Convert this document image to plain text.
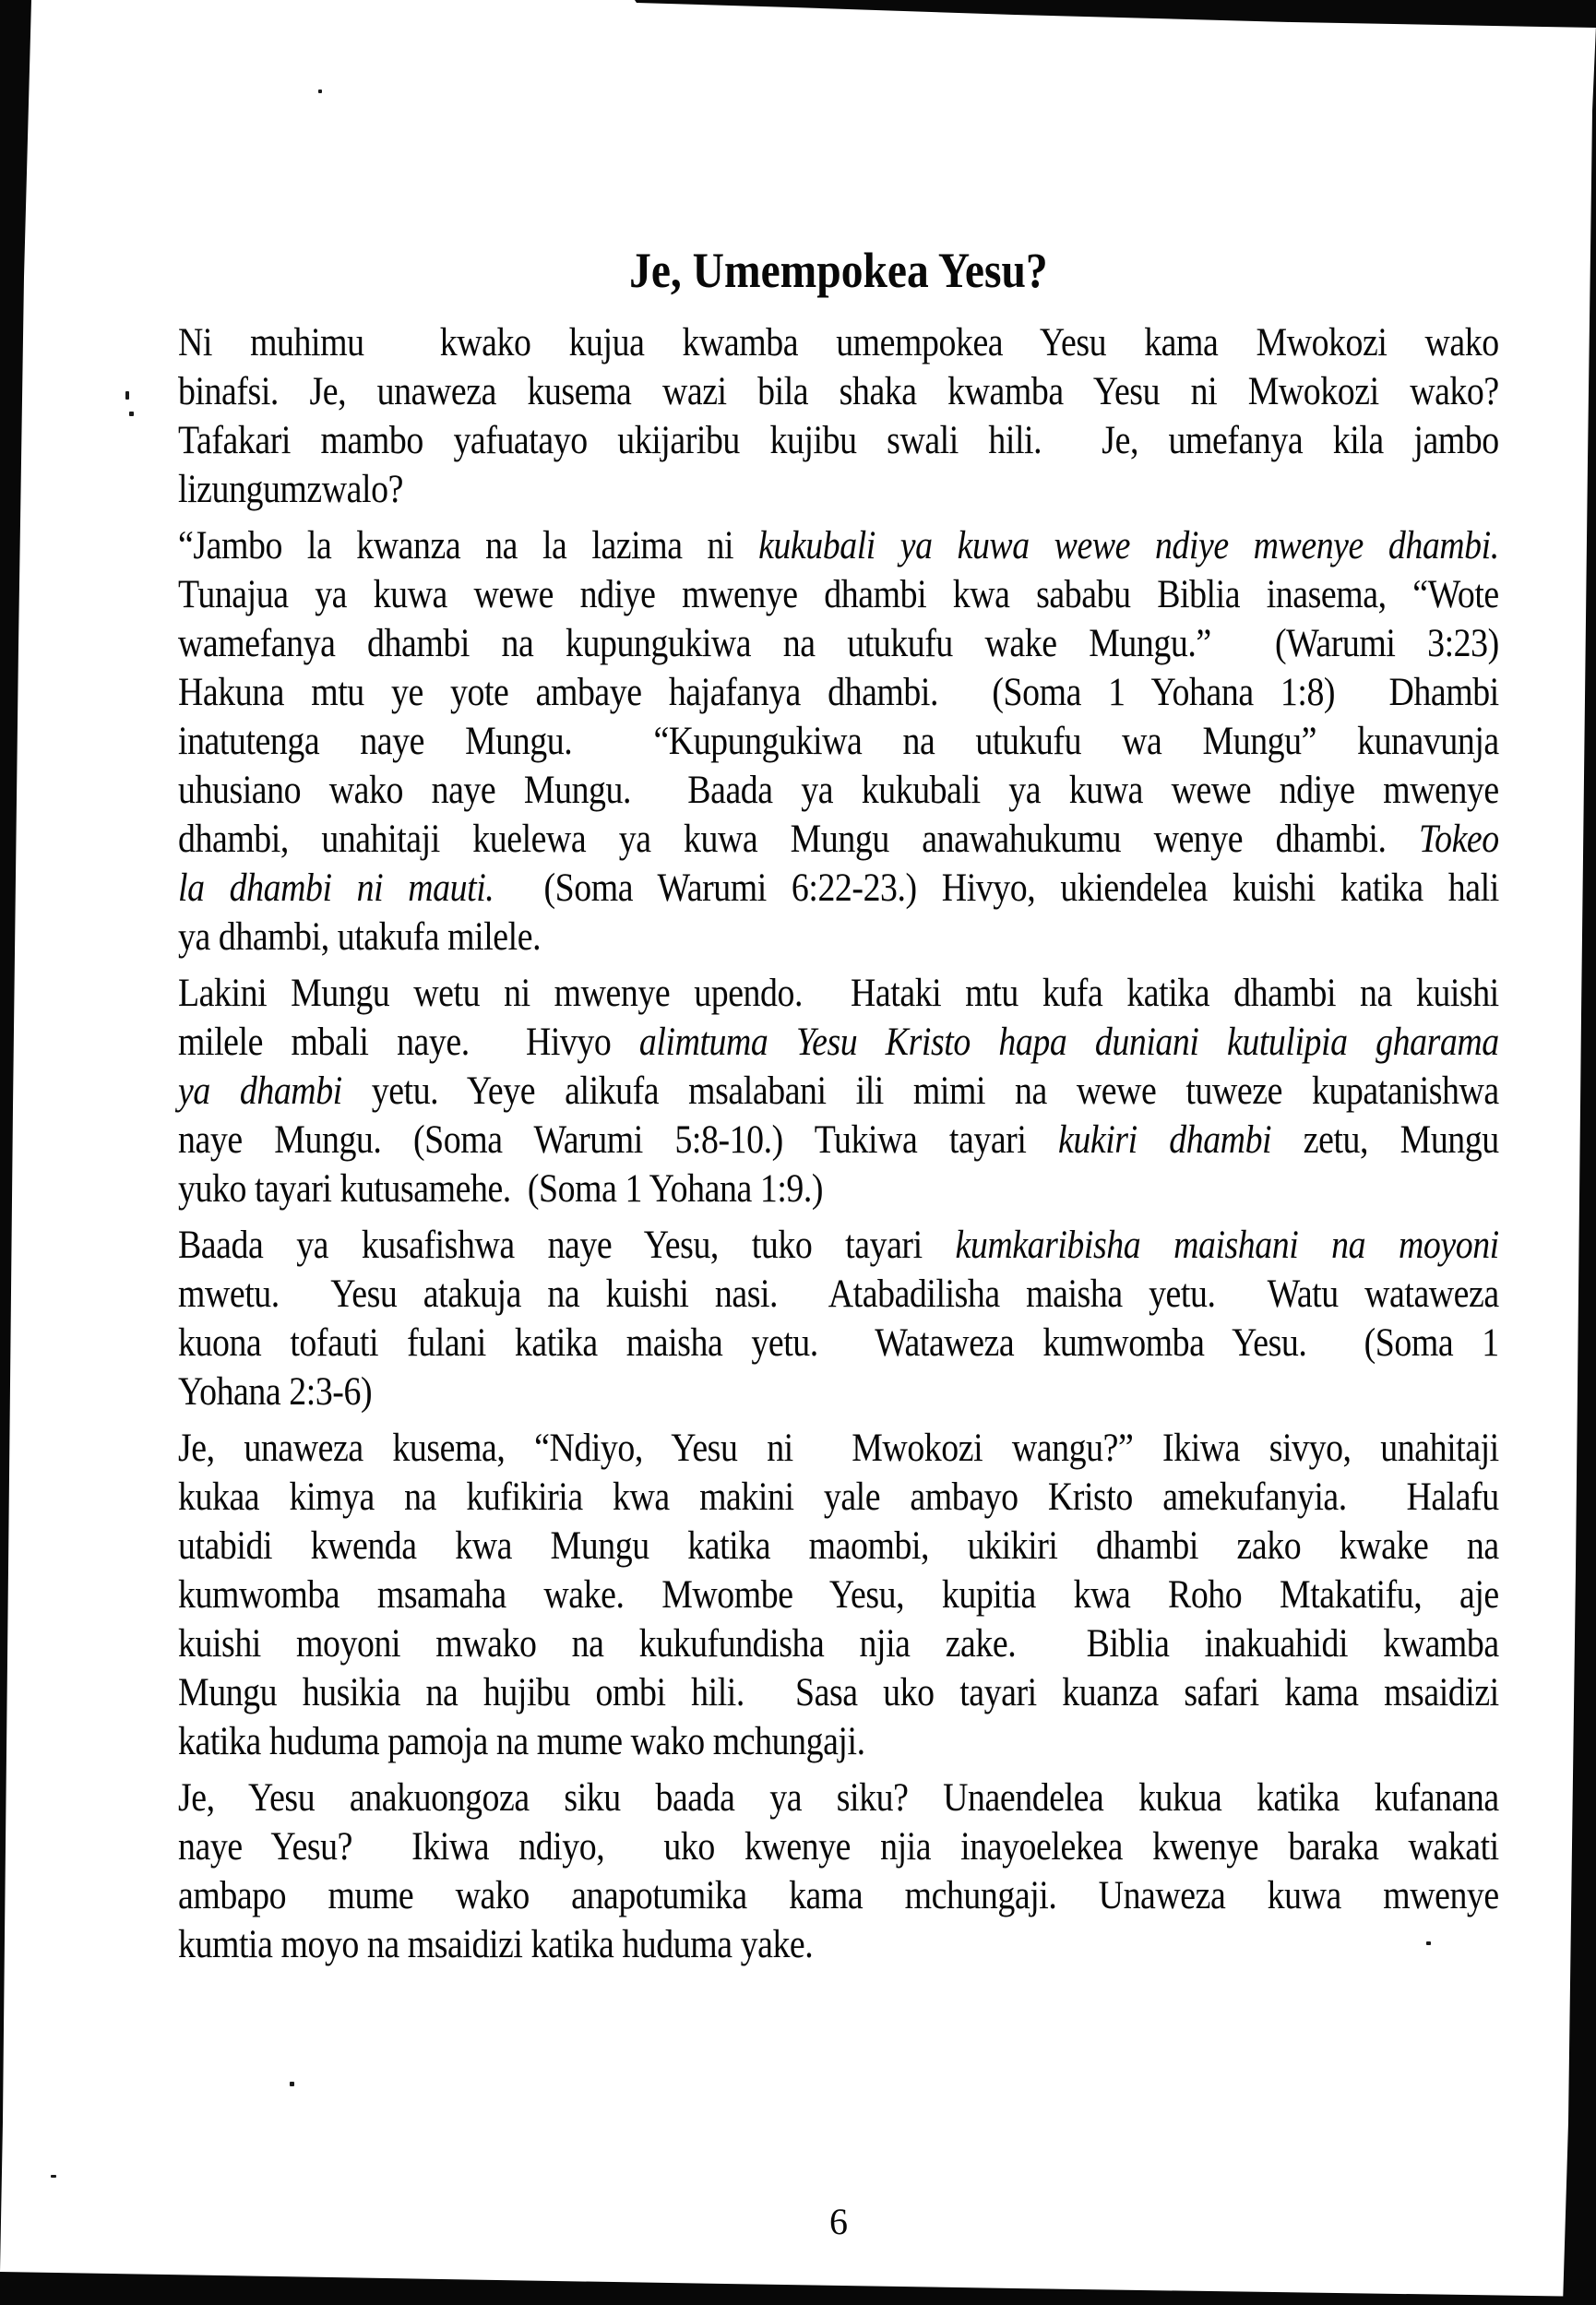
Je, Umempokea Yesu?

Ni muhimu  kwako kujua kwamba umempokea Yesu kama Mwokozi wako
binafsi. Je, unaweza kusema wazi bila shaka kwamba Yesu ni Mwokozi wako?
Tafakari mambo yafuatayo ukijaribu kujibu swali hili.  Je, umefanya kila jambo
lizungumzwalo?

“Jambo la kwanza na la lazima ni kukubali ya kuwa wewe ndiye mwenye dhambi.
Tunajua ya kuwa wewe ndiye mwenye dhambi kwa sababu Biblia inasema, “Wote
wamefanya dhambi na kupungukiwa na utukufu wake Mungu.”  (Warumi 3:23)
Hakuna mtu ye yote ambaye hajafanya dhambi.  (Soma 1 Yohana 1:8)  Dhambi
inatutenga naye Mungu.  “Kupungukiwa na utukufu wa Mungu” kunavunja
uhusiano wako naye Mungu.  Baada ya kukubali ya kuwa wewe ndiye mwenye
dhambi, unahitaji kuelewa ya kuwa Mungu anawahukumu wenye dhambi. Tokeo
la dhambi ni mauti.  (Soma Warumi 6:22-23.) Hivyo, ukiendelea kuishi katika hali
ya dhambi, utakufa milele.

Lakini Mungu wetu ni mwenye upendo.  Hataki mtu kufa katika dhambi na kuishi
milele mbali naye.  Hivyo alimtuma Yesu Kristo hapa duniani kutulipia gharama
ya dhambi yetu. Yeye alikufa msalabani ili mimi na wewe tuweze kupatanishwa
naye Mungu. (Soma Warumi 5:8-10.) Tukiwa tayari kukiri dhambi zetu, Mungu
yuko tayari kutusamehe.  (Soma 1 Yohana 1:9.)

Baada ya kusafishwa naye Yesu, tuko tayari kumkaribisha maishani na moyoni
mwetu.  Yesu atakuja na kuishi nasi.  Atabadilisha maisha yetu.  Watu wataweza
kuona tofauti fulani katika maisha yetu.  Wataweza kumwomba Yesu.  (Soma 1
Yohana 2:3-6)

Je, unaweza kusema, “Ndiyo, Yesu ni  Mwokozi wangu?” Ikiwa sivyo, unahitaji
kukaa kimya na kufikiria kwa makini yale ambayo Kristo amekufanyia.  Halafu
utabidi kwenda kwa Mungu katika maombi, ukikiri dhambi zako kwake na
kumwomba msamaha wake. Mwombe Yesu, kupitia kwa Roho Mtakatifu, aje
kuishi moyoni mwako na kukufundisha njia zake.  Biblia inakuahidi kwamba
Mungu husikia na hujibu ombi hili.  Sasa uko tayari kuanza safari kama msaidizi
katika huduma pamoja na mume wako mchungaji.

Je, Yesu anakuongoza siku baada ya siku? Unaendelea kukua katika kufanana
naye Yesu?  Ikiwa ndiyo,  uko kwenye njia inayoelekea kwenye baraka wakati
ambapo mume wako anapotumika kama mchungaji. Unaweza kuwa mwenye
kumtia moyo na msaidizi katika huduma yake.

6
